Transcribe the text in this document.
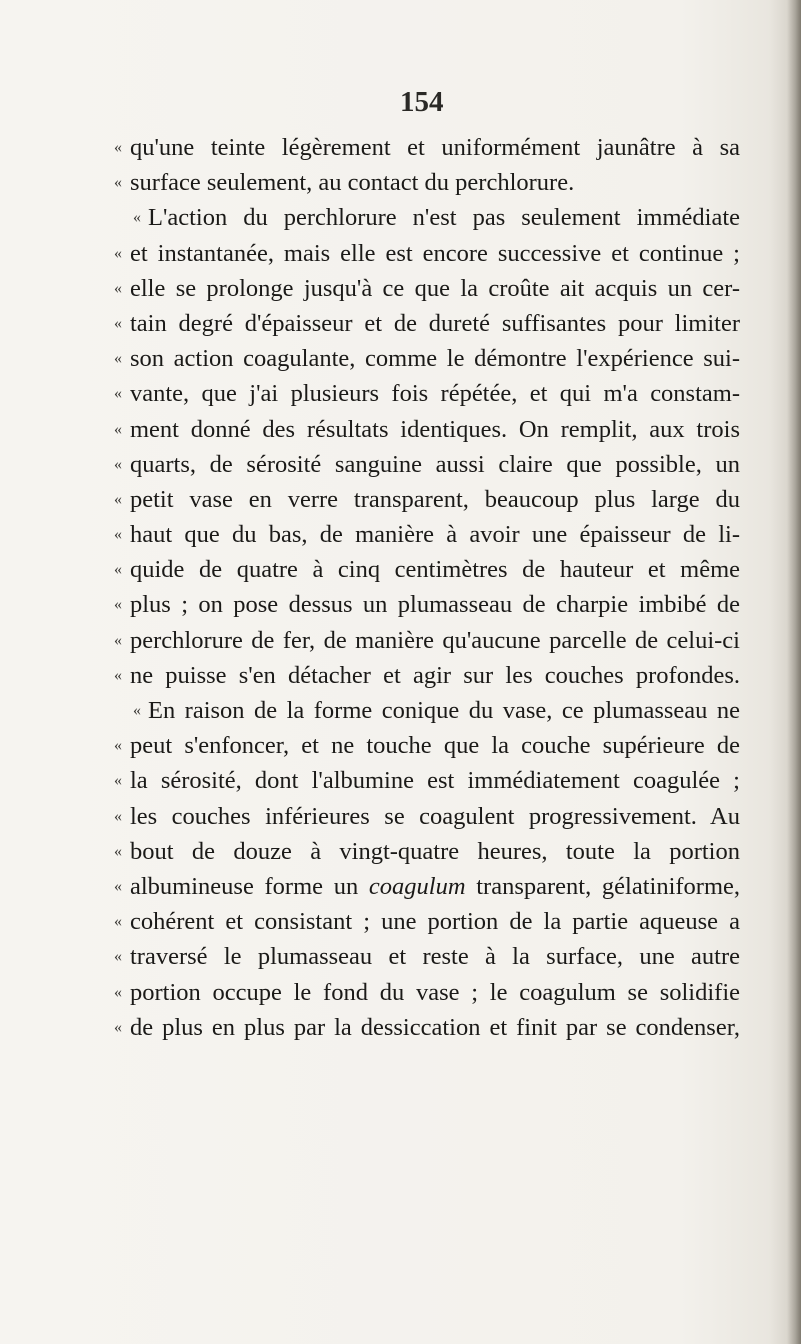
154
« qu'une teinte légèrement et uniformément jaunâtre à sa
« surface seulement, au contact du perchlorure.
« L'action du perchlorure n'est pas seulement immédiate
« et instantanée, mais elle est encore successive et continue ;
« elle se prolonge jusqu'à ce que la croûte ait acquis un cer-
« tain degré d'épaisseur et de dureté suffisantes pour limiter
« son action coagulante, comme le démontre l'expérience sui-
« vante, que j'ai plusieurs fois répétée, et qui m'a constam-
« ment donné des résultats identiques. On remplit, aux trois
« quarts, de sérosité sanguine aussi claire que possible, un
« petit vase en verre transparent, beaucoup plus large du
« haut que du bas, de manière à avoir une épaisseur de li-
« quide de quatre à cinq centimètres de hauteur et même
« plus ; on pose dessus un plumasseau de charpie imbibé de
« perchlorure de fer, de manière qu'aucune parcelle de celui-ci
« ne puisse s'en détacher et agir sur les couches profondes.
« En raison de la forme conique du vase, ce plumasseau ne
« peut s'enfoncer, et ne touche que la couche supérieure de
« la sérosité, dont l'albumine est immédiatement coagulée ;
« les couches inférieures se coagulent progressivement. Au
« bout de douze à vingt-quatre heures, toute la portion
« albumineuse forme un coagulum transparent, gélatiniforme,
« cohérent et consistant ; une portion de la partie aqueuse a
« traversé le plumasseau et reste à la surface, une autre
« portion occupe le fond du vase ; le coagulum se solidifie
« de plus en plus par la dessiccation et finit par se condenser,
